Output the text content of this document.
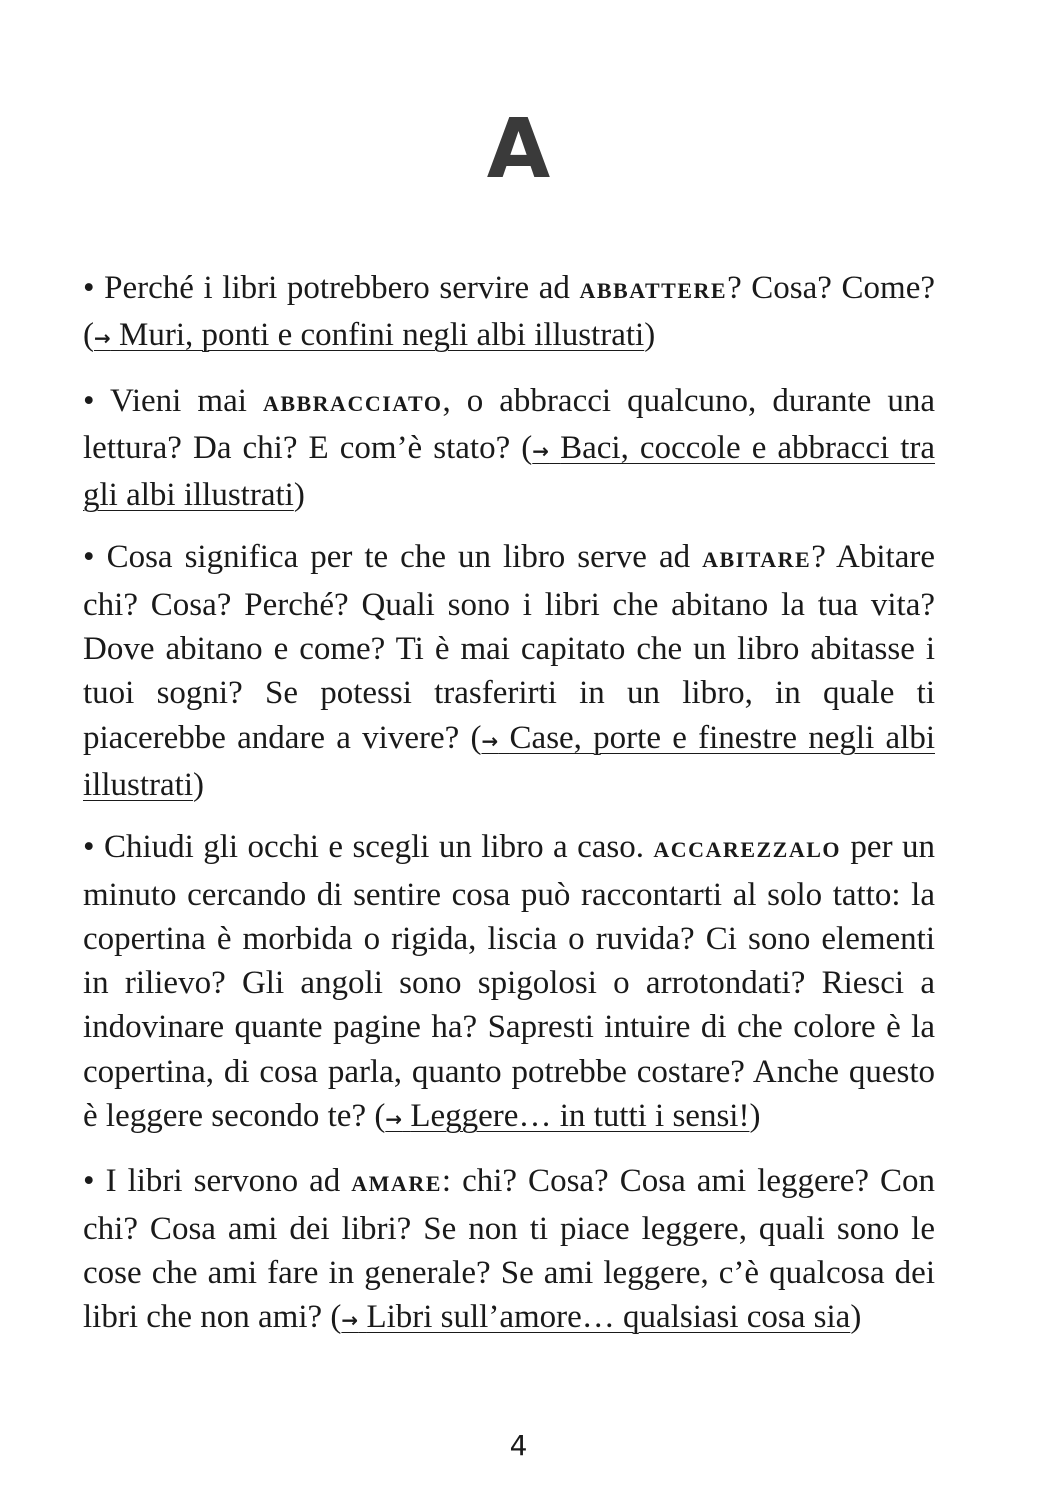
A

• Perché i libri potrebbero servire ad ABBATTERE? Cosa? Come? (→ Muri, ponti e confini negli albi illustrati)

• Vieni mai ABBRACCIATO, o abbracci qualcuno, durante una lettura? Da chi? E com’è stato? (→ Baci, coccole e abbracci tra gli albi illustrati)

• Cosa significa per te che un libro serve ad ABITARE? Abitare chi? Cosa? Perché? Quali sono i libri che abitano la tua vita? Dove abitano e come? Ti è mai capitato che un libro abitasse i tuoi sogni? Se potessi trasferirti in un libro, in quale ti piacerebbe andare a vivere? (→ Case, porte e finestre negli albi illustrati)

• Chiudi gli occhi e scegli un libro a caso. ACCAREZZALO per un minuto cercando di sentire cosa può raccontarti al solo tatto: la copertina è morbida o rigida, liscia o ruvida? Ci sono elementi in rilievo? Gli angoli sono spigolosi o arrotondati? Riesci a indovinare quante pagine ha? Sapresti intuire di che colore è la copertina, di cosa parla, quanto potrebbe costare? Anche questo è leggere secondo te? (→ Leggere… in tutti i sensi!)

• I libri servono ad AMARE: chi? Cosa? Cosa ami leggere? Con chi? Cosa ami dei libri? Se non ti piace leggere, quali sono le cose che ami fare in generale? Se ami leggere, c’è qualcosa dei libri che non ami? (→ Libri sull’amore… qualsiasi cosa sia)

4
